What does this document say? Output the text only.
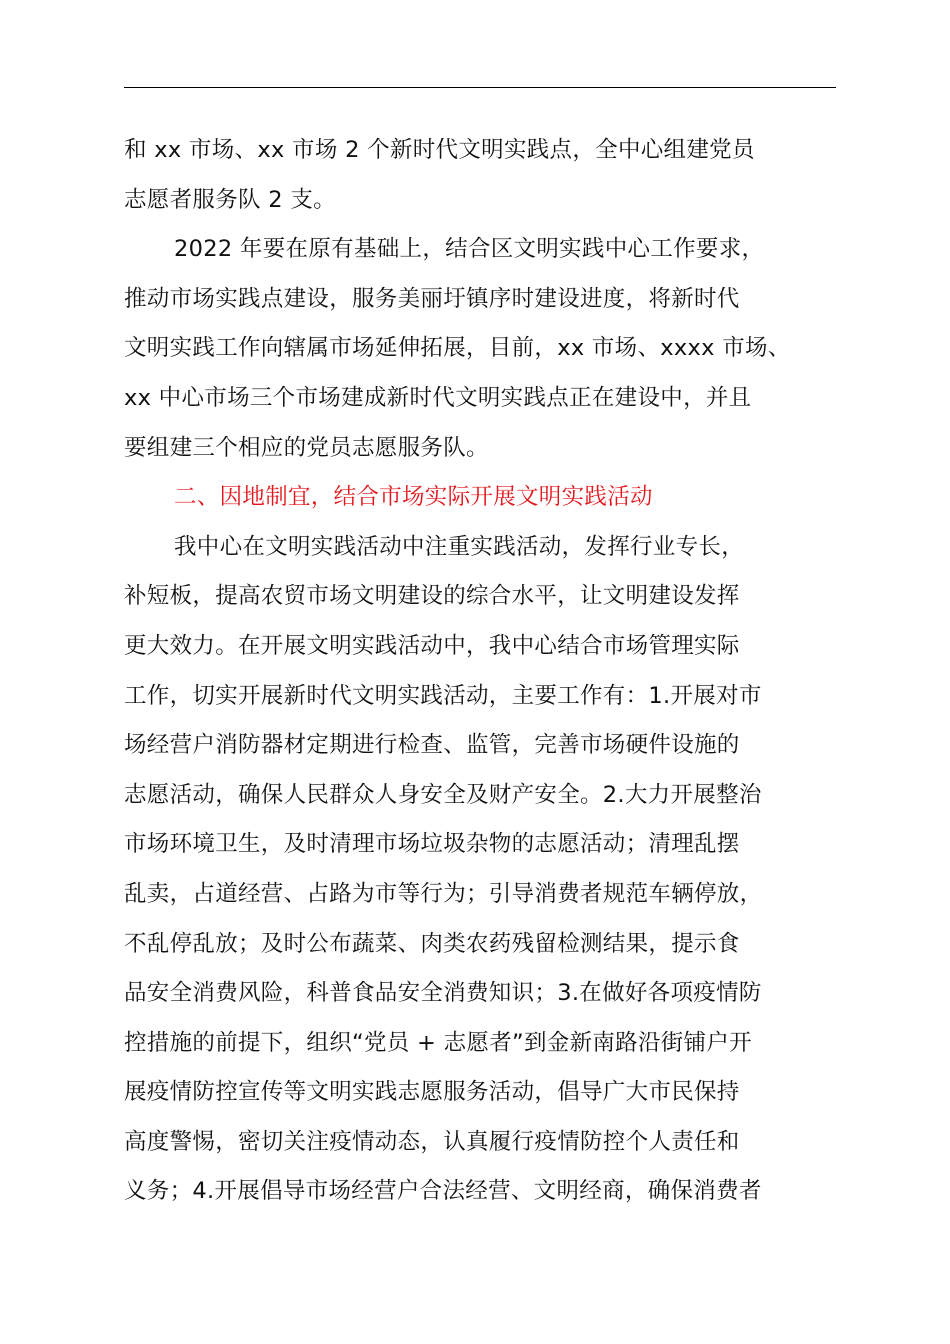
和 xx 市场、xx 市场 2 个新时代文明实践点，全中心组建党员
志愿者服务队 2 支。
2022 年要在原有基础上，结合区文明实践中心工作要求，
推动市场实践点建设，服务美丽圩镇序时建设进度，将新时代
文明实践工作向辖属市场延伸拓展，目前，xx 市场、xxxx 市场、
xx 中心市场三个市场建成新时代文明实践点正在建设中，并且
要组建三个相应的党员志愿服务队。
二、因地制宜，结合市场实际开展文明实践活动
我中心在文明实践活动中注重实践活动，发挥行业专长，
补短板，提高农贸市场文明建设的综合水平，让文明建设发挥
更大效力。在开展文明实践活动中，我中心结合市场管理实际
工作，切实开展新时代文明实践活动，主要工作有：1.开展对市
场经营户消防器材定期进行检查、监管，完善市场硬件设施的
志愿活动，确保人民群众人身安全及财产安全。2.大力开展整治
市场环境卫生，及时清理市场垃圾杂物的志愿活动；清理乱摆
乱卖，占道经营、占路为市等行为；引导消费者规范车辆停放，
不乱停乱放；及时公布蔬菜、肉类农药残留检测结果，提示食
品安全消费风险，科普食品安全消费知识；3.在做好各项疫情防
控措施的前提下，组织“党员 + 志愿者”到金新南路沿街铺户开
展疫情防控宣传等文明实践志愿服务活动，倡导广大市民保持
高度警惕，密切关注疫情动态，认真履行疫情防控个人责任和
义务；4.开展倡导市场经营户合法经营、文明经商，确保消费者
